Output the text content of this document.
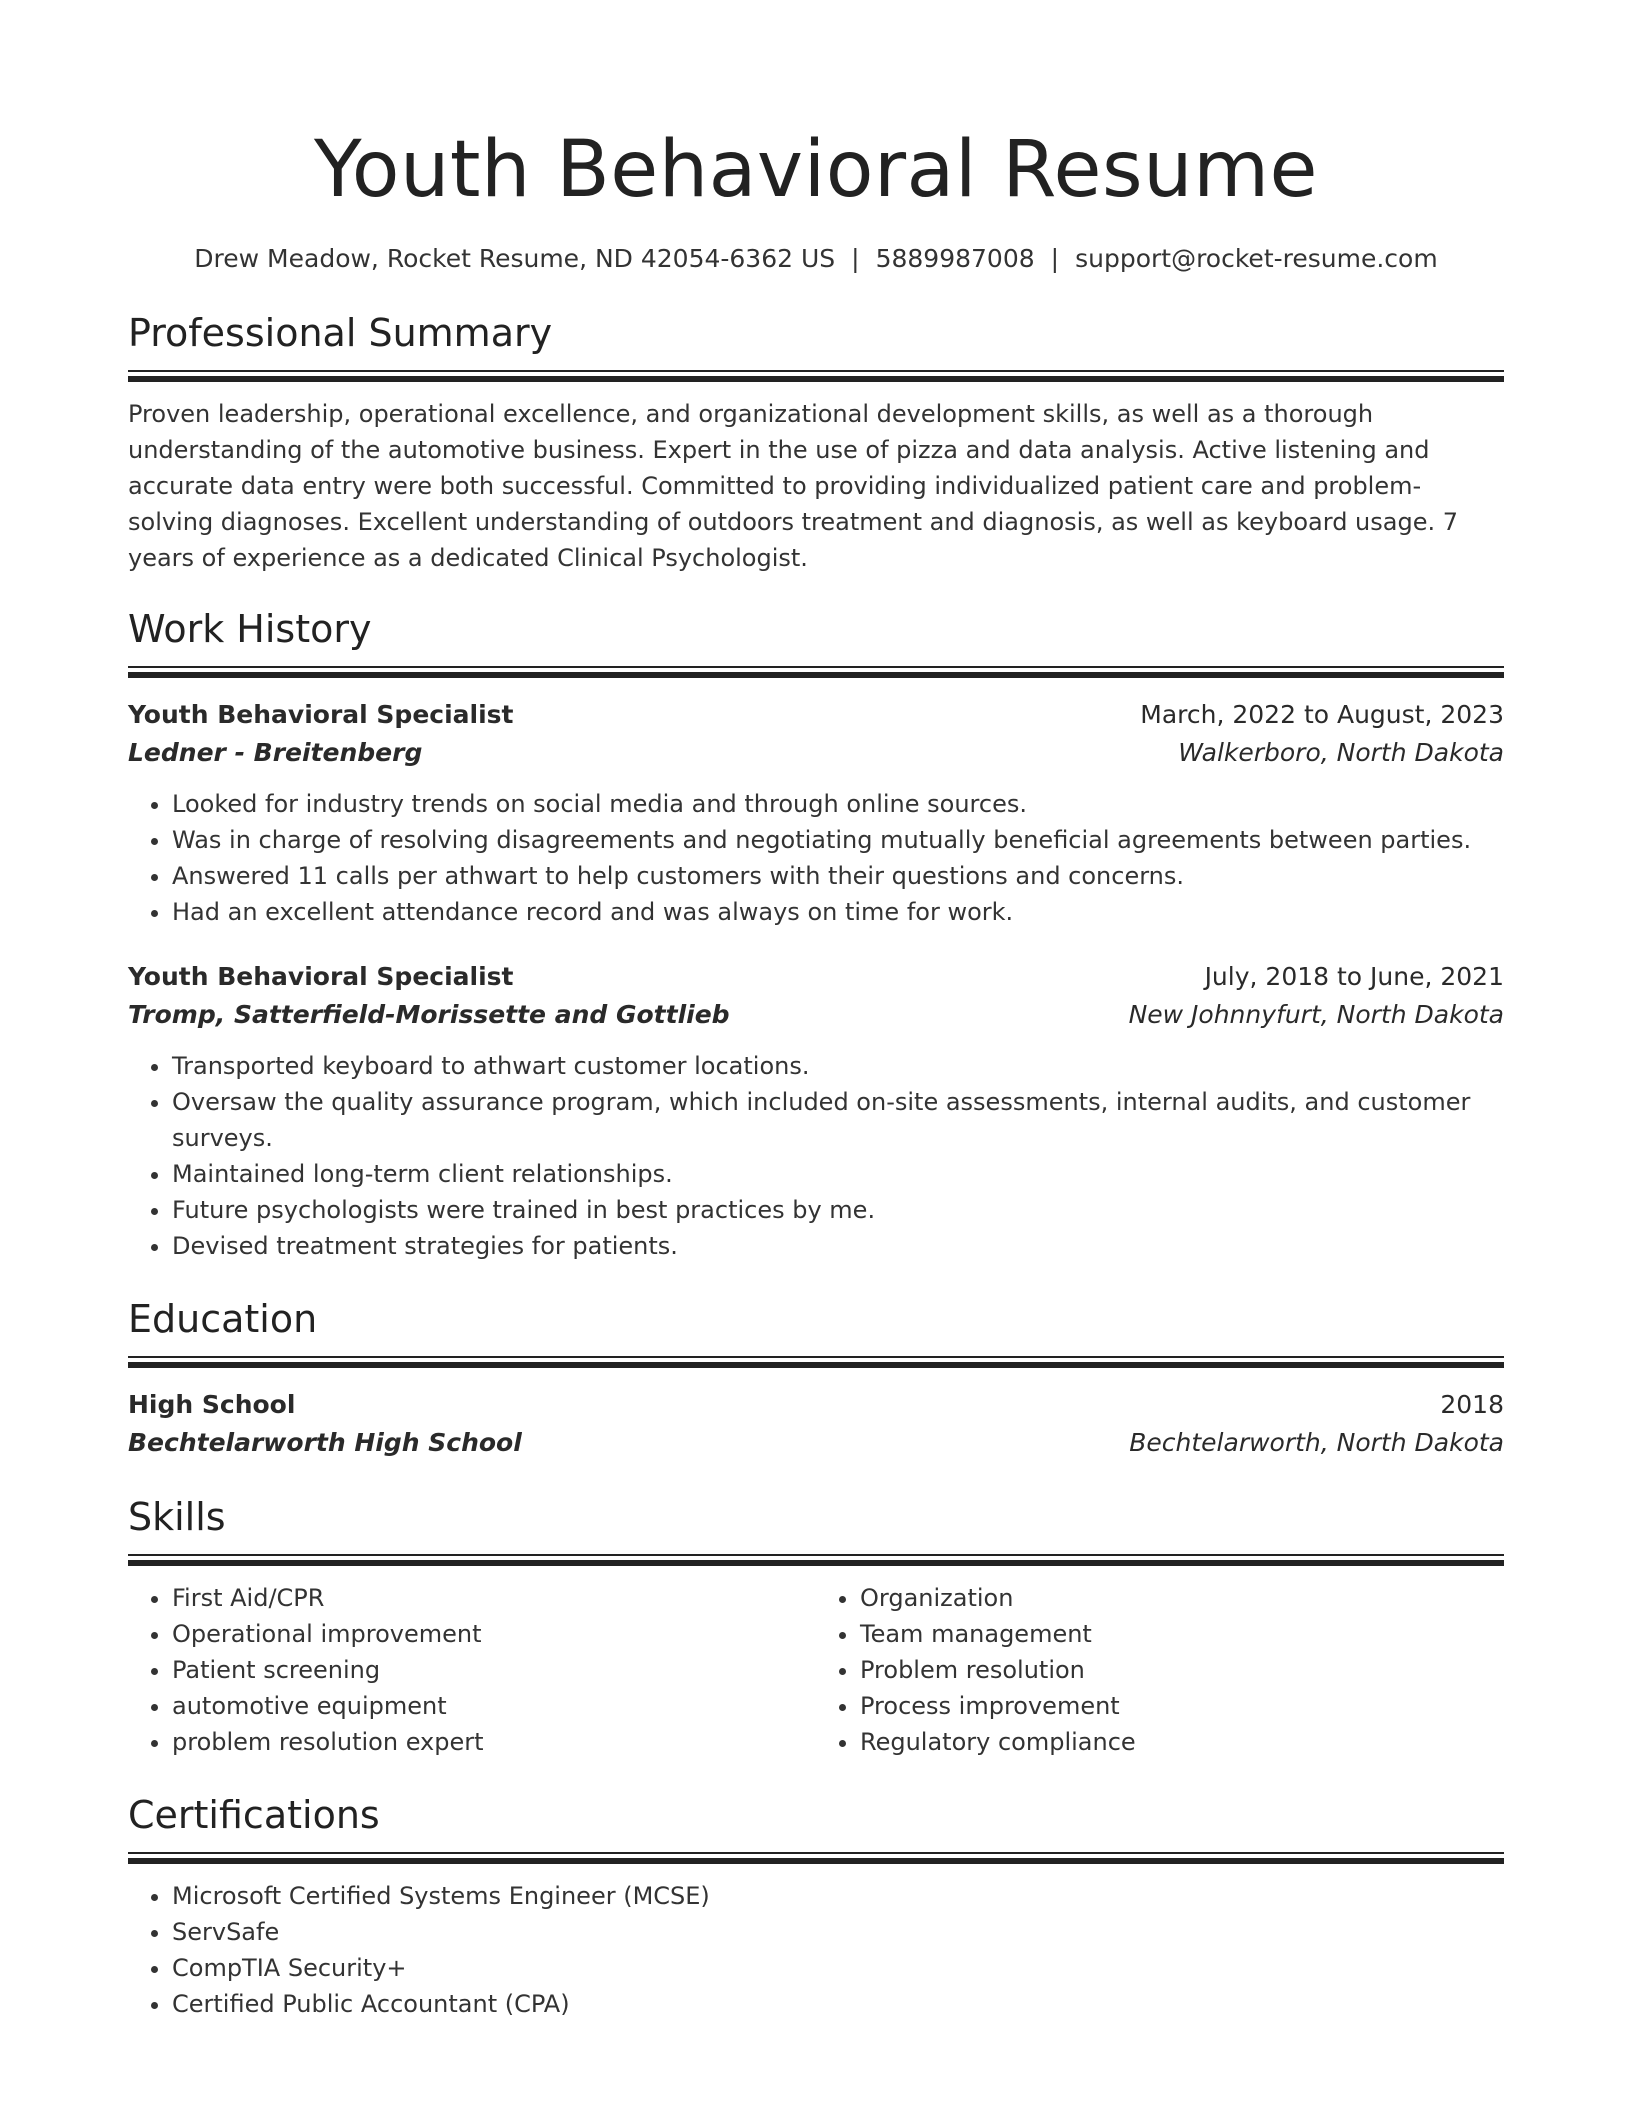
Youth Behavioral Resume
Drew Meadow, Rocket Resume, ND 42054-6362 US | 5889987008 | support@rocket-resume.com
Professional Summary
Proven leadership, operational excellence, and organizational development skills, as well as a thorough understanding of the automotive business. Expert in the use of pizza and data analysis. Active listening and accurate data entry were both successful. Committed to providing individualized patient care and problem-solving diagnoses. Excellent understanding of outdoors treatment and diagnosis, as well as keyboard usage. 7 years of experience as a dedicated Clinical Psychologist.
Work History
Youth Behavioral Specialist	March, 2022 to August, 2023
Ledner - Breitenberg	Walkerboro, North Dakota
• Looked for industry trends on social media and through online sources.
• Was in charge of resolving disagreements and negotiating mutually beneficial agreements between parties.
• Answered 11 calls per athwart to help customers with their questions and concerns.
• Had an excellent attendance record and was always on time for work.
Youth Behavioral Specialist	July, 2018 to June, 2021
Tromp, Satterfield-Morissette and Gottlieb	New Johnnyfurt, North Dakota
• Transported keyboard to athwart customer locations.
• Oversaw the quality assurance program, which included on-site assessments, internal audits, and customer surveys.
• Maintained long-term client relationships.
• Future psychologists were trained in best practices by me.
• Devised treatment strategies for patients.
Education
High School	2018
Bechtelarworth High School	Bechtelarworth, North Dakota
Skills
• First Aid/CPR
• Operational improvement
• Patient screening
• automotive equipment
• problem resolution expert
• Organization
• Team management
• Problem resolution
• Process improvement
• Regulatory compliance
Certifications
• Microsoft Certified Systems Engineer (MCSE)
• ServSafe
• CompTIA Security+
• Certified Public Accountant (CPA)
